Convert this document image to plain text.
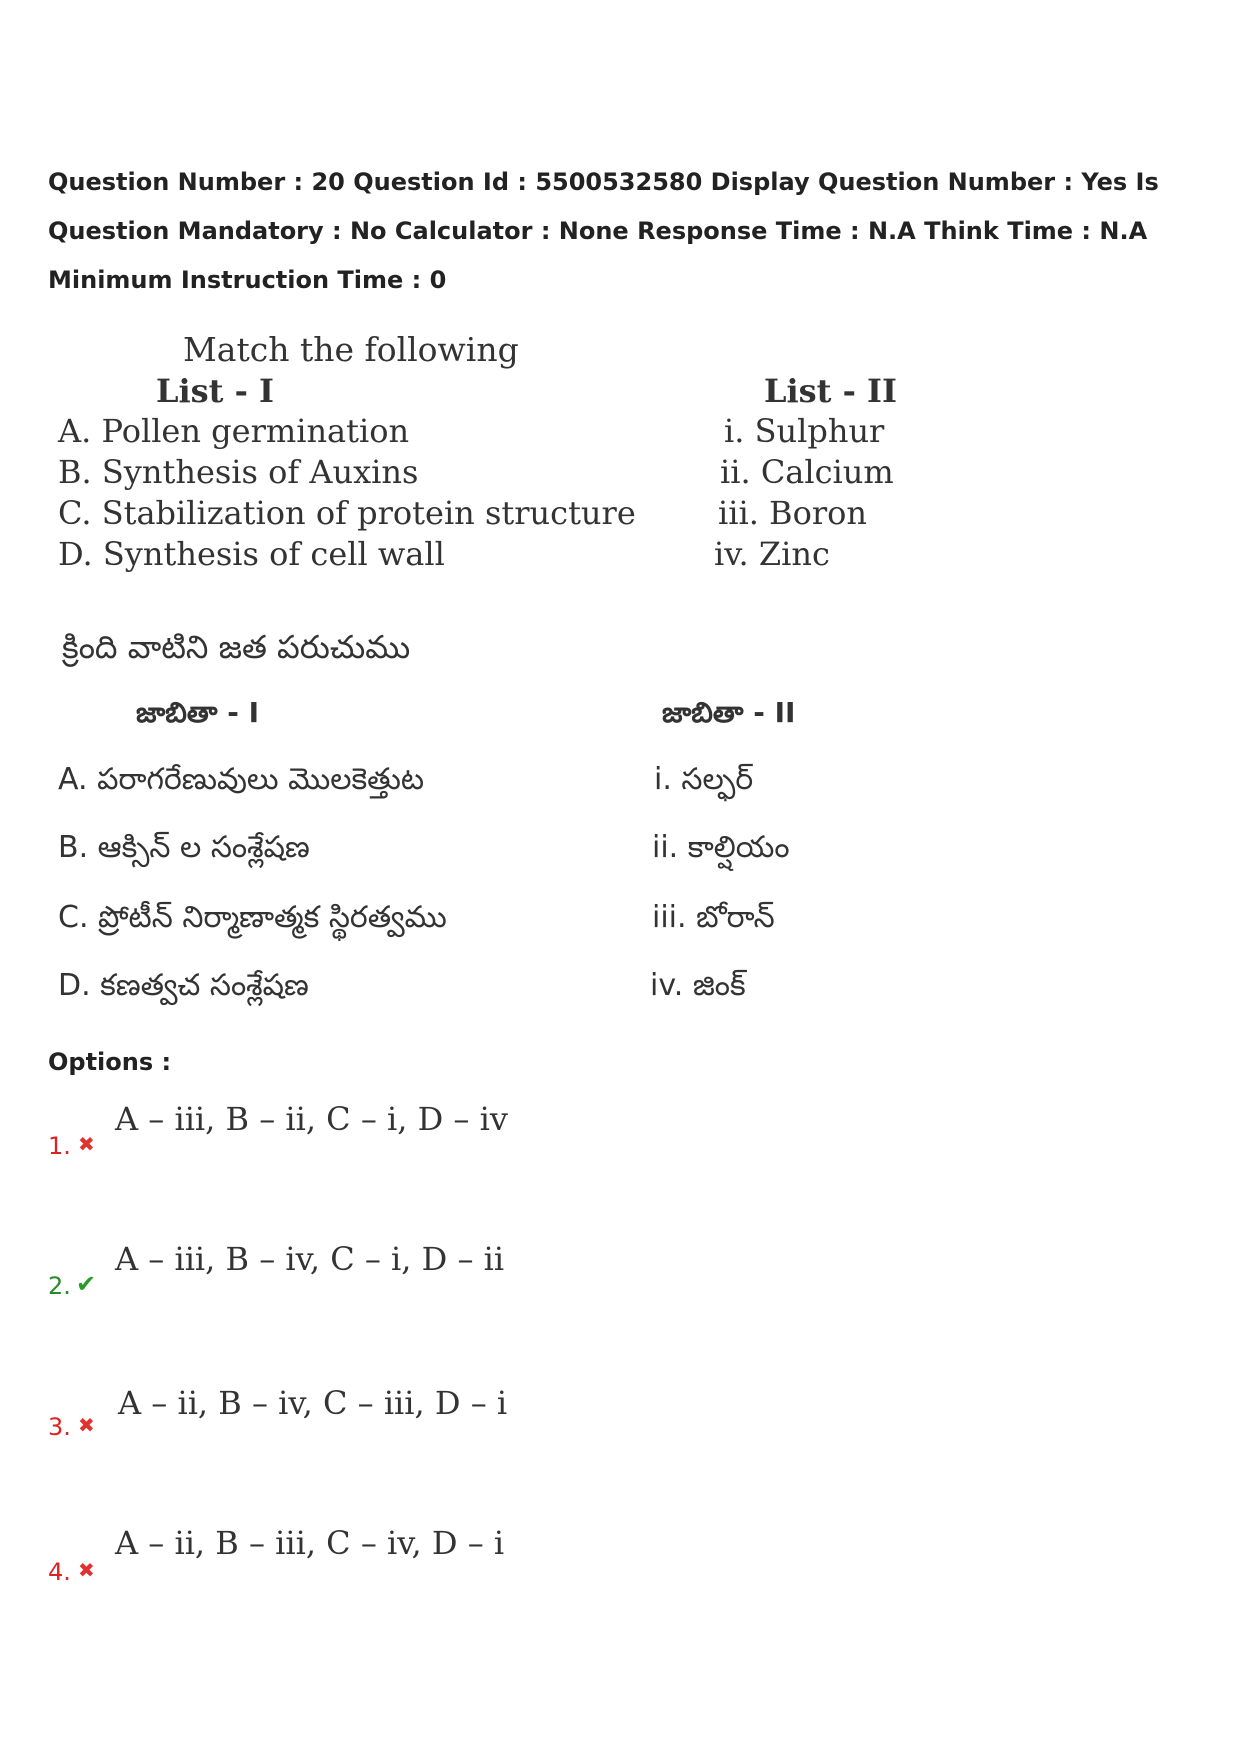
Question Number : 20 Question Id : 5500532580 Display Question Number : Yes Is Question Mandatory : No Calculator : None Response Time : N.A Think Time : N.A Minimum Instruction Time : 0
Match the following
List - I	List - II
A. Pollen germination
B. Synthesis of Auxins
C. Stabilization of protein structure
D. Synthesis of cell wall
i. Sulphur
ii. Calcium
iii. Boron
iv. Zinc
క్రింది వాటిని జత పరుచుము
జాబితా - I	జాబితా - II
A. పరాగరేణువులు మొలకెత్తుట
B. ఆక్సిన్ ల సంశ్లేషణ
C. ప్రోటీన్ నిర్మాణాత్మక స్థిరత్వము
D. కణత్వచ సంశ్లేషణ
i. సల్ఫర్
ii. కాల్షియం
iii. బోరాన్
iv. జింక్
Options :
1. ✖
A – iii, B – ii, C – i, D – iv
2. ✔
A – iii, B – iv, C – i, D – ii
3. ✖
A – ii, B – iv, C – iii, D – i
4. ✖
A – ii, B – iii, C – iv, D – i
